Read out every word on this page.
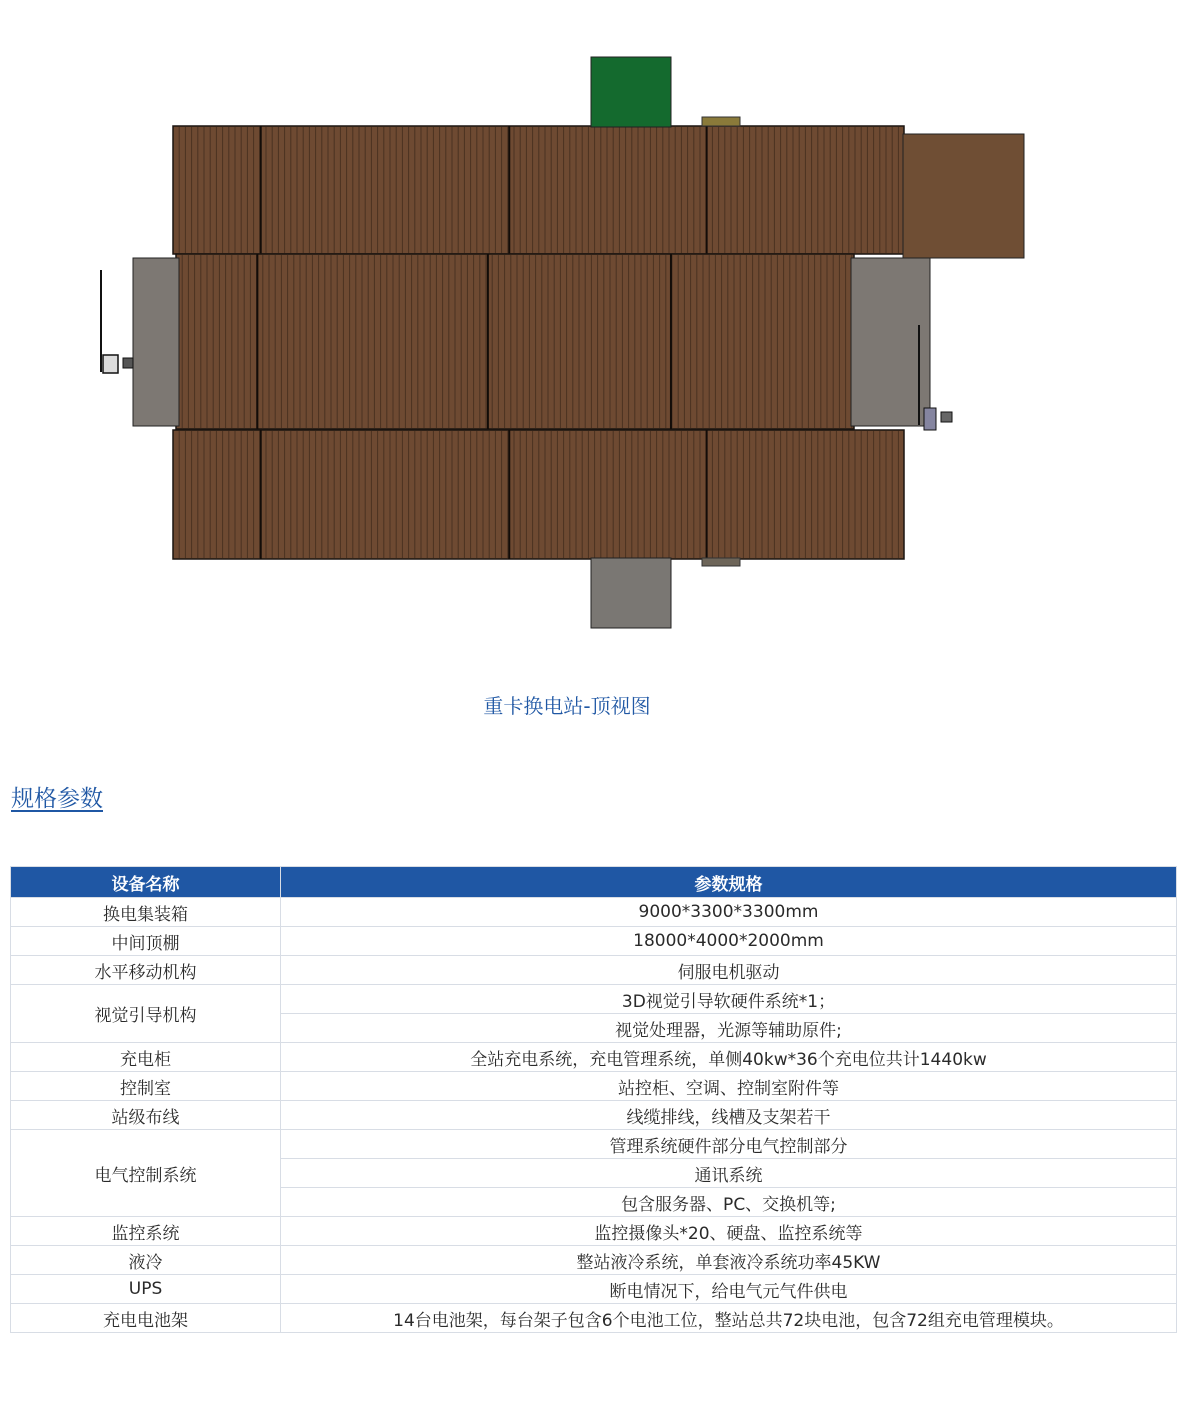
重卡换电站-顶视图
规格参数
设备名称	参数规格
换电集装箱	9000*3300*3300mm
中间顶棚	18000*4000*2000mm
水平移动机构	伺服电机驱动
视觉引导机构	3D视觉引导软硬件系统*1；
	视觉处理器，光源等辅助原件;
充电柜	全站充电系统，充电管理系统，单侧40kw*36个充电位共计1440kw
控制室	站控柜、空调、控制室附件等
站级布线	线缆排线，线槽及支架若干
电气控制系统	管理系统硬件部分电气控制部分
	通讯系统
	包含服务器、PC、交换机等;
监控系统	监控摄像头*20、硬盘、监控系统等
液冷	整站液冷系统，单套液冷系统功率45KW
UPS	断电情况下，给电气元气件供电
充电电池架	14台电池架，每台架子包含6个电池工位，整站总共72块电池，包含72组充电管理模块。
